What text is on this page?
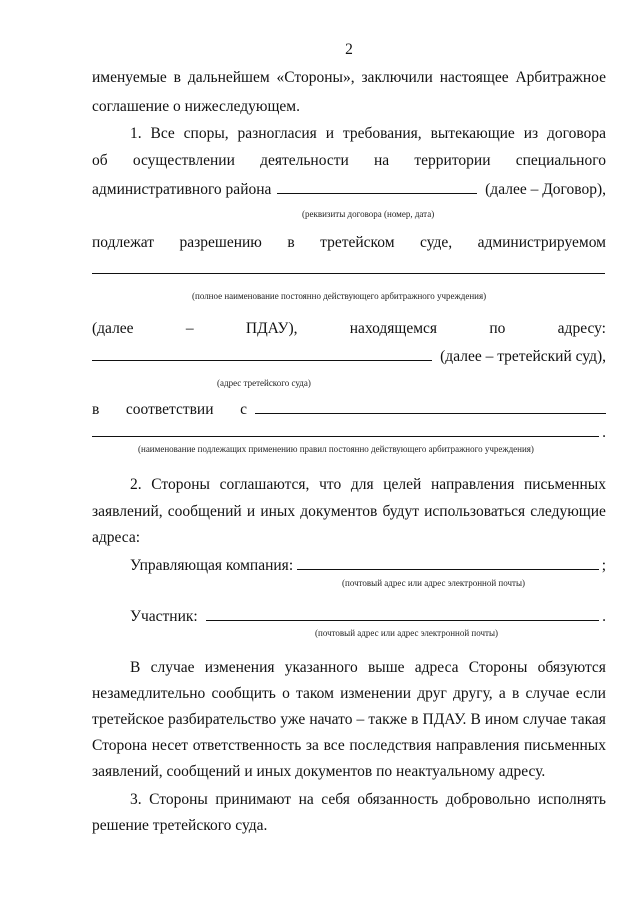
2
именуемые в дальнейшем «Стороны», заключили настоящее Арбитражное
соглашение о нижеследующем.
1. Все споры, разногласия и требования, вытекающие из договора
об осуществлении деятельности на территории специального
административного района	(далее – Договор),
(реквизиты договора (номер, дата)
подлежат разрешению в третейском суде, администрируемом
(полное наименование постоянно действующего арбитражного учреждения)
(далее	–	ПДАУ),	находящемся	по	адресу:
(далее – третейский суд),
(адрес третейского суда)
в соответствии с
.
(наименование подлежащих применению правил постоянно действующего арбитражного учреждения)
2. Стороны соглашаются, что для целей направления письменных
заявлений, сообщений и иных документов будут использоваться следующие
адреса:
Управляющая компания:	;
(почтовый адрес или адрес электронной почты)
Участник:	.
(почтовый адрес или адрес электронной почты)
В случае изменения указанного выше адреса Стороны обязуются
незамедлительно сообщить о таком изменении друг другу, а в случае если
третейское разбирательство уже начато – также в ПДАУ. В ином случае такая
Сторона несет ответственность за все последствия направления письменных
заявлений, сообщений и иных документов по неактуальному адресу.
3. Стороны принимают на себя обязанность добровольно исполнять
решение третейского суда.
